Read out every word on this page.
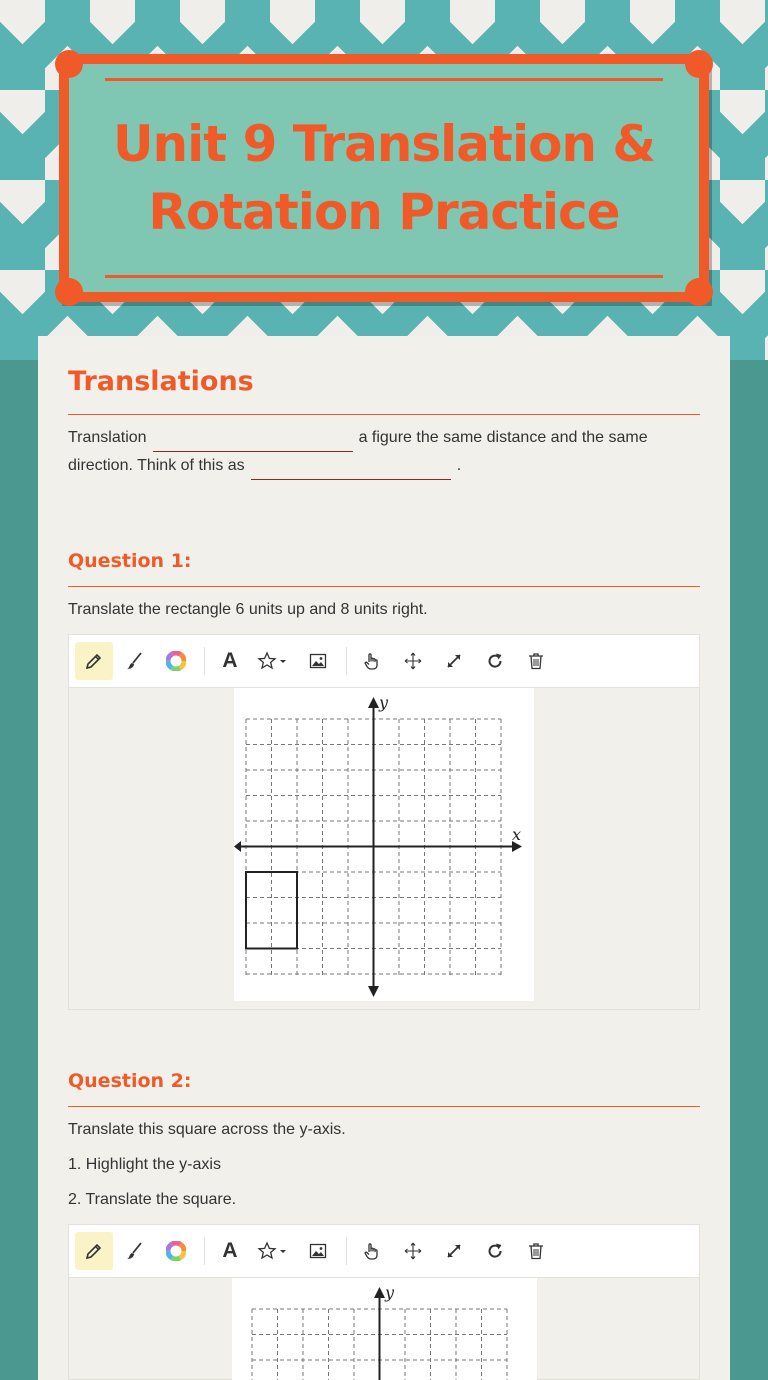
Unit 9 Translation &
Rotation Practice
Translations
Translation	a figure the same distance and the same direction. Think of this as	.
Question 1:
Translate the rectangle 6 units up and 8 units right.
A
y
x
Question 2:
Translate this square across the y-axis.
1. Highlight the y-axis
2. Translate the square.
A
y
